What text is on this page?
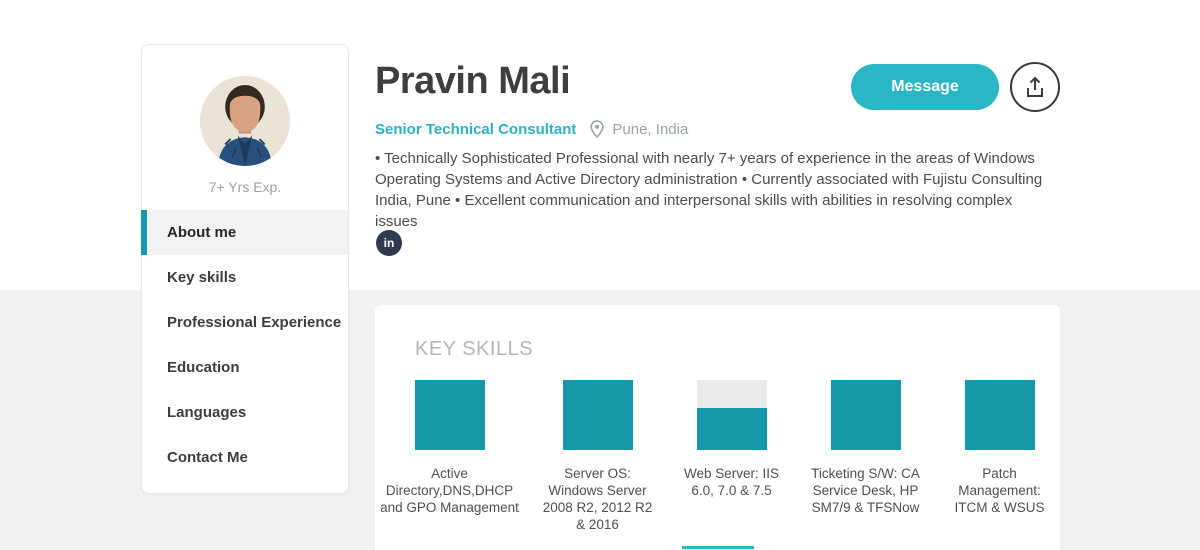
7+ Yrs Exp.
About me
Key skills
Professional Experience
Education
Languages
Contact Me
Pravin Mali
Senior Technical Consultant Pune, India

• Technically Sophisticated Professional with nearly 7+ years of experience in the areas of Windows Operating Systems and Active Directory administration • Currently associated with Fujistu Consulting India, Pune • Excellent communication and interpersonal skills with abilities in resolving complex issues

in
Message
KEY SKILLS
Active Directory,DNS,DHCP and GPO Management
Server OS: Windows Server 2008 R2, 2012 R2 & 2016
Web Server: IIS 6.0, 7.0 & 7.5
Ticketing S/W: CA Service Desk, HP SM7/9 & TFSNow
Patch Management: ITCM & WSUS
